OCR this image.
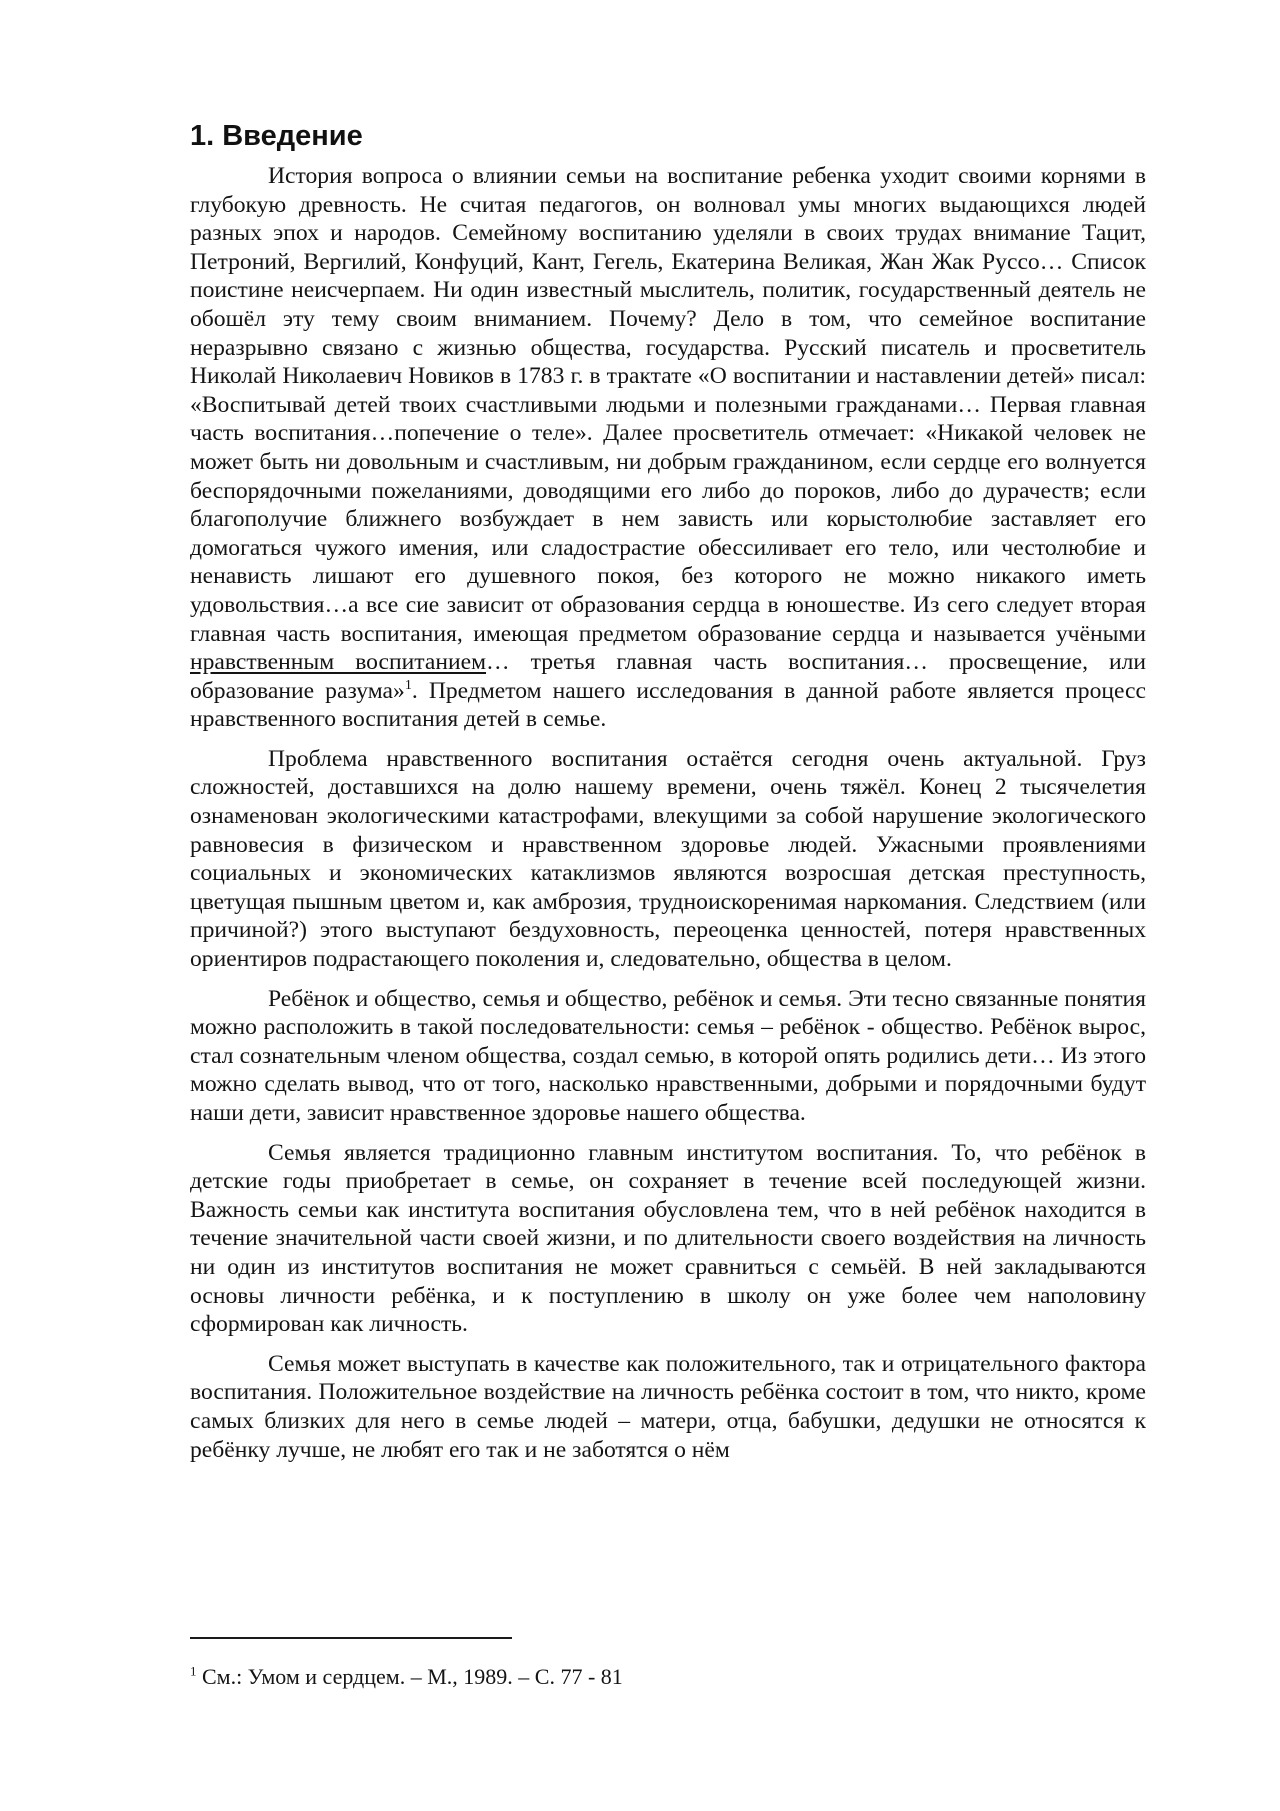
1. Введение

История вопроса о влиянии семьи на воспитание ребенка уходит своими корнями в глубокую древность. Не считая педагогов, он волновал умы многих выдающихся людей разных эпох и народов. Семейному воспитанию уделяли в своих трудах внимание Тацит, Петроний, Вергилий, Конфуций, Кант, Гегель, Екатерина Великая, Жан Жак Руссо… Список поистине неисчерпаем. Ни один известный мыслитель, политик, государственный деятель не обошёл эту тему своим вниманием. Почему? Дело в том, что семейное воспитание неразрывно связано с жизнью общества, государства. Русский писатель и просветитель Николай Николаевич Новиков в 1783 г. в трактате «О воспитании и наставлении детей» писал: «Воспитывай детей твоих счастливыми людьми и полезными гражданами… Первая главная часть воспитания…попечение о теле». Далее просветитель отмечает: «Никакой человек не может быть ни довольным и счастливым, ни добрым гражданином, если сердце его волнуется беспорядочными пожеланиями, доводящими его либо до пороков, либо до дурачеств; если благополучие ближнего возбуждает в нем зависть или корыстолюбие заставляет его домогаться чужого имения, или сладострастие обессиливает его тело, или честолюбие и ненависть лишают его душевного покоя, без которого не можно никакого иметь удовольствия…а все сие зависит от образования сердца в юношестве. Из сего следует вторая главная часть воспитания, имеющая предметом образование сердца и называется учёными нравственным воспитанием… третья главная часть воспитания… просвещение, или образование разума»$^1$. Предметом нашего исследования в данной работе является процесс нравственного воспитания детей в семье.

Проблема нравственного воспитания остаётся сегодня очень актуальной. Груз сложностей, доставшихся на долю нашему времени, очень тяжёл. Конец 2 тысячелетия ознаменован экологическими катастрофами, влекущими за собой нарушение экологического равновесия в физическом и нравственном здоровье людей. Ужасными проявлениями социальных и экономических катаклизмов являются возросшая детская преступность, цветущая пышным цветом и, как амброзия, трудноискоренимая наркомания. Следствием (или причиной?) этого выступают бездуховность, переоценка ценностей, потеря нравственных ориентиров подрастающего поколения и, следовательно, общества в целом.

Ребёнок и общество, семья и общество, ребёнок и семья. Эти тесно связанные понятия можно расположить в такой последовательности: семья – ребёнок - общество. Ребёнок вырос, стал сознательным членом общества, создал семью, в которой опять родились дети… Из этого можно сделать вывод, что от того, насколько нравственными, добрыми и порядочными будут наши дети, зависит нравственное здоровье нашего общества.

Семья является традиционно главным институтом воспитания. То, что ребёнок в детские годы приобретает в семье, он сохраняет в течение всей последующей жизни. Важность семьи как института воспитания обусловлена тем, что в ней ребёнок находится в течение значительной части своей жизни, и по длительности своего воздействия на личность ни один из институтов воспитания не может сравниться с семьёй. В ней закладываются основы личности ребёнка, и к поступлению в школу он уже более чем наполовину сформирован как личность.

Семья может выступать в качестве как положительного, так и отрицательного фактора воспитания. Положительное воздействие на личность ребёнка состоит в том, что никто, кроме самых близких для него в семье людей – матери, отца, бабушки, дедушки не относятся к ребёнку лучше, не любят его так и не заботятся о нём

$^1$ См.: Умом и сердцем. – М., 1989. – С. 77 - 81
